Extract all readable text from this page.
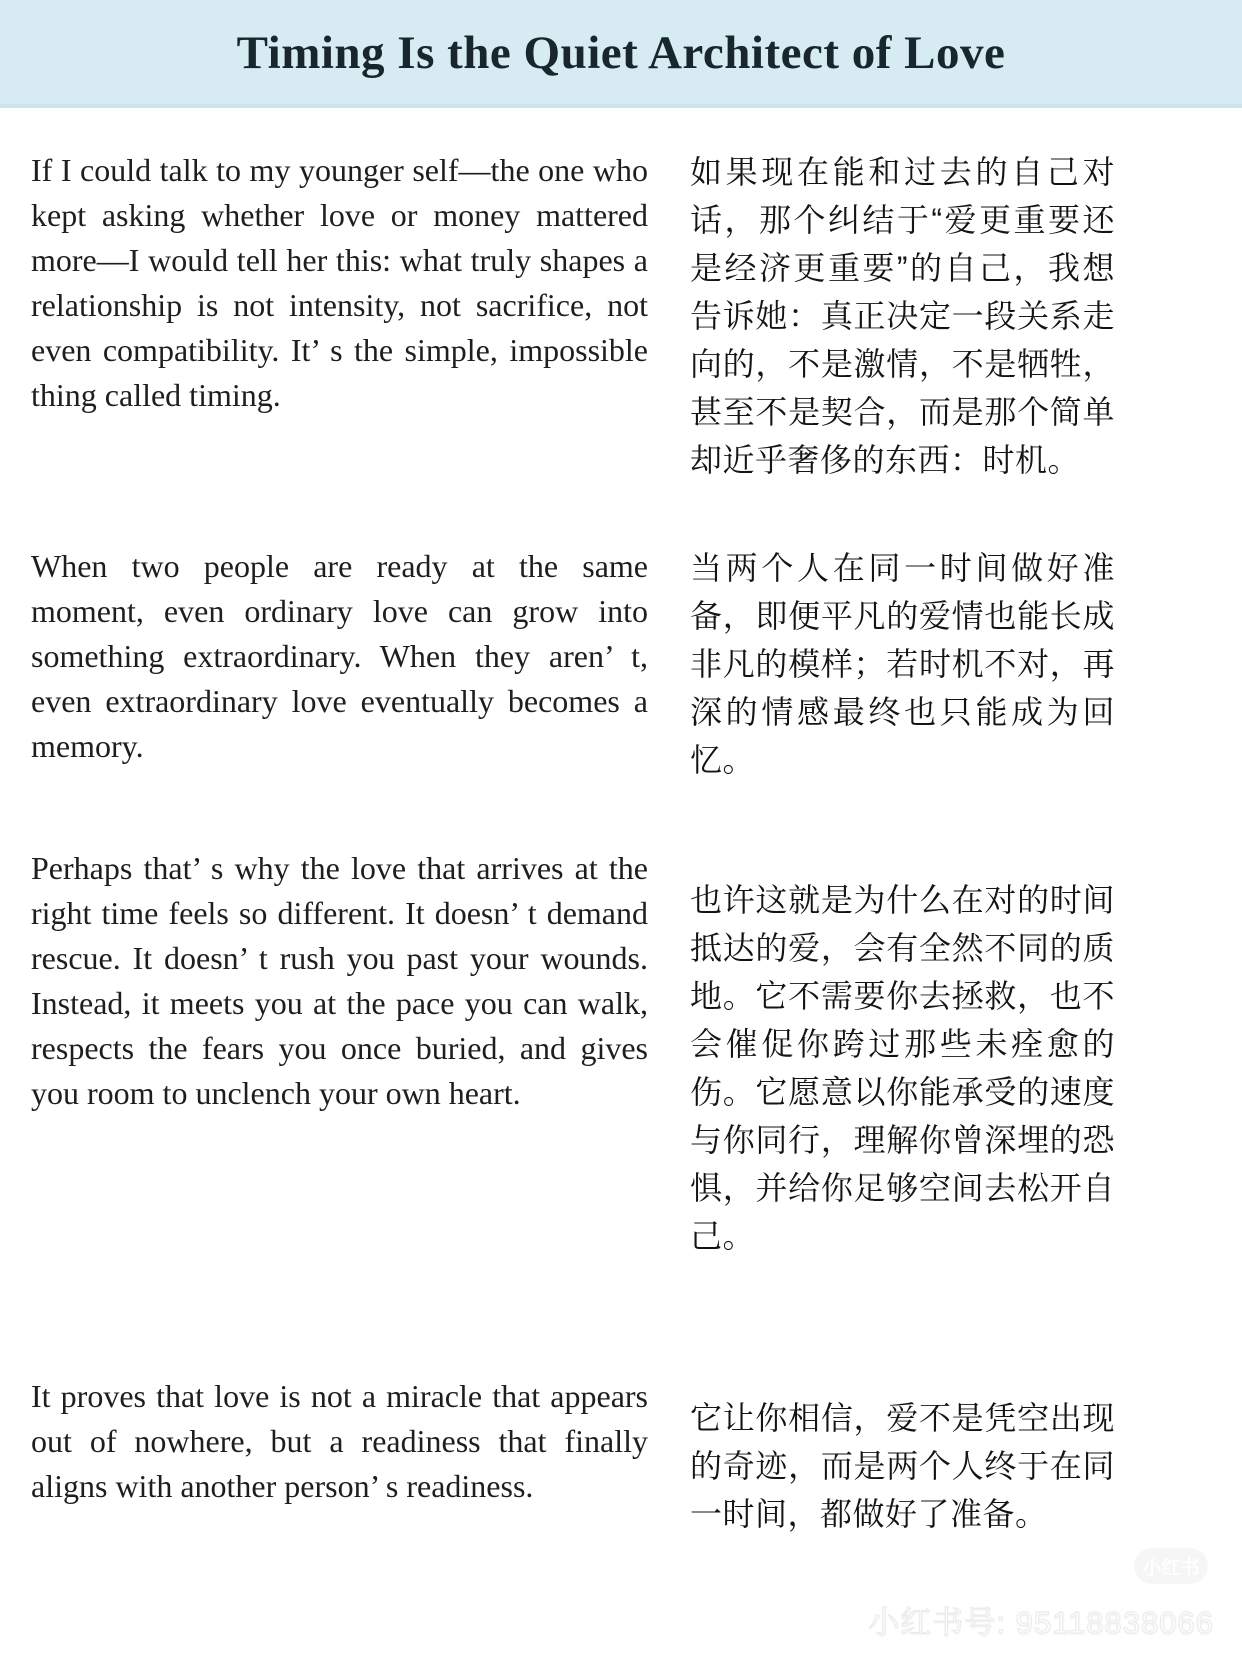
Timing Is the Quiet Architect of Love

If I could talk to my younger self—the one who kept asking whether love or money mattered more—I would tell her this: what truly shapes a relationship is not intensity, not sacrifice, not even compatibility. It’ s the simple, impossible thing called timing.

如果现在能和过去的自己对话，那个纠结于“爱更重要还是经济更重要”的自己，我想告诉她：真正决定一段关系走向的，不是激情，不是牺牲，甚至不是契合，而是那个简单却近乎奢侈的东西：时机。

When two people are ready at the same moment, even ordinary love can grow into something extraordinary. When they aren’ t, even extraordinary love eventually becomes a memory.

当两个人在同一时间做好准备，即便平凡的爱情也能长成非凡的模样；若时机不对，再深的情感最终也只能成为回忆。

Perhaps that’ s why the love that arrives at the right time feels so different. It doesn’ t demand rescue. It doesn’ t rush you past your wounds. Instead, it meets you at the pace you can walk, respects the fears you once buried, and gives you room to unclench your own heart.

也许这就是为什么在对的时间抵达的爱，会有全然不同的质地。它不需要你去拯救，也不会催促你跨过那些未痊愈的伤。它愿意以你能承受的速度与你同行，理解你曾深埋的恐惧，并给你足够空间去松开自己。

It proves that love is not a miracle that appears out of nowhere, but a readiness that finally aligns with another person’ s readiness.

它让你相信，爱不是凭空出现的奇迹，而是两个人终于在同一时间，都做好了准备。

小红书
小红书号: 95118838066
